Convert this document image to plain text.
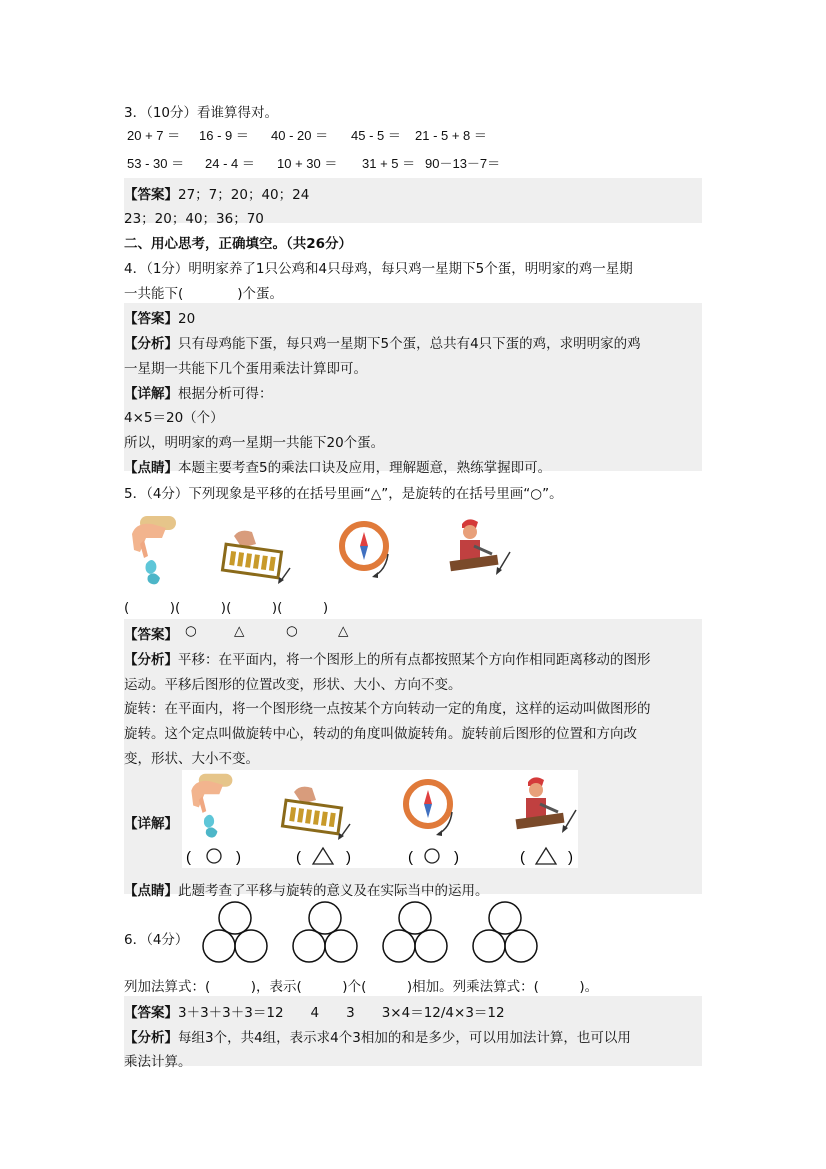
3．（10分）看谁算得对。
20 + 7 ＝ 16 - 9 ＝ 40 - 20 ＝ 45 - 5 ＝ 21 - 5 + 8 ＝
53 - 30 ＝ 24 - 4 ＝ 10 + 30 ＝ 31 + 5 ＝ 90－13－7＝
【答案】27；7；20；40；24
23；20；40；36；70
二、用心思考，正确填空。（共26分）
4．（1分）明明家养了1只公鸡和4只母鸡，每只鸡一星期下5个蛋，明明家的鸡一星期
一共能下(　　　　)个蛋。
【答案】20
【分析】只有母鸡能下蛋，每只鸡一星期下5个蛋，总共有4只下蛋的鸡，求明明家的鸡
一星期一共能下几个蛋用乘法计算即可。
【详解】根据分析可得：
4×5＝20（个）
所以，明明家的鸡一星期一共能下20个蛋。
【点睛】本题主要考查5的乘法口诀及应用，理解题意，熟练掌握即可。
5．（4分）下列现象是平移的在括号里画“△”，是旋转的在括号里画“○”。
(　　　)(　　　)(　　　)(　　　)
【答案】 ○	△	○	△
【分析】平移：在平面内，将一个图形上的所有点都按照某个方向作相同距离移动的图形
运动。平移后图形的位置改变，形状、大小、方向不变。
旋转：在平面内，将一个图形绕一点按某个方向转动一定的角度，这样的运动叫做图形的
旋转。这个定点叫做旋转中心，转动的角度叫做旋转角。旋转前后图形的位置和方向改
变，形状、大小不变。
【详解】
(	)	(	)	(	)	(	)
【点睛】此题考查了平移与旋转的意义及在实际当中的运用。
6．（4分）
列加法算式：(　　　)，表示(　　　)个(　　　)相加。列乘法算式：(　　　)。
【答案】3＋3＋3＋3＝12　　4　　3　　3×4＝12/4×3＝12
【分析】每组3个，共4组，表示求4个3相加的和是多少，可以用加法计算，也可以用
乘法计算。
